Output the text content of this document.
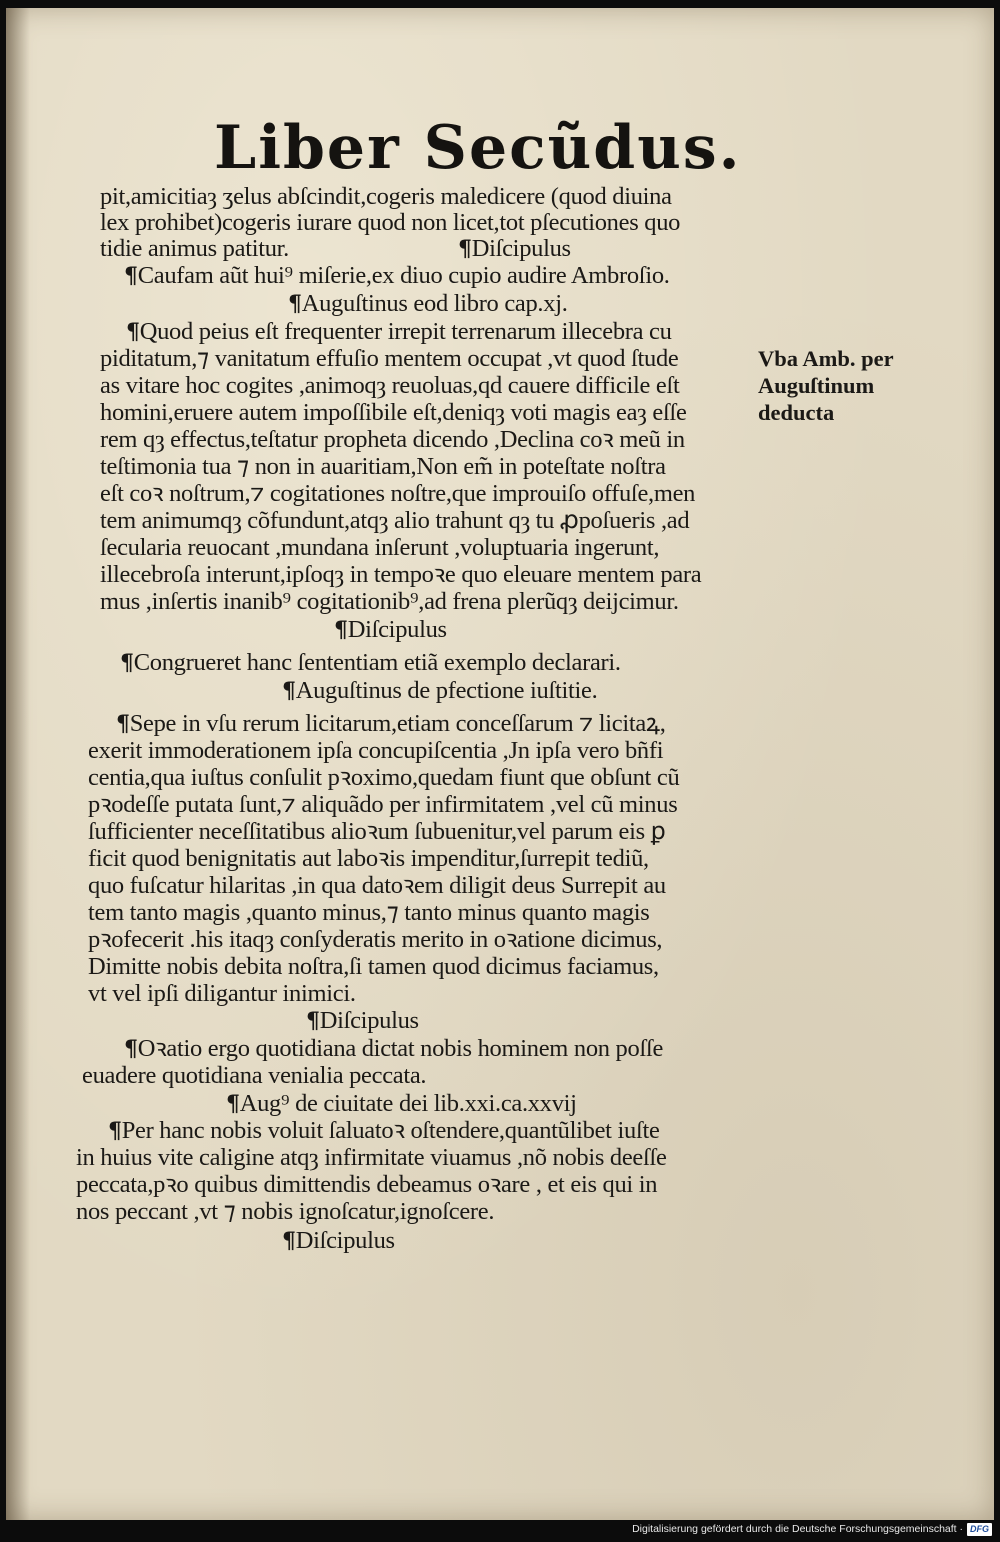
Liber Secũdus.
pit,amicitiaȝ ʒelus abſcindit,cogeris maledicere (quod diuina
lex prohibet)cogeris iurare quod non licet,tot pſecutiones quo
tidie animus patitur.	¶Diſcipulus
¶Caufam aũt hui⁹ miſerie,ex diuo cupio audire Ambroſio.
¶Auguſtinus eod libro cap.xj.
¶Quod peius eſt frequenter irrepit terrenarum illecebra cu
piditatum,⁊ vanitatum effuſio mentem occupat ,vt quod ſtude
as vitare hoc cogites ,animoqȝ reuoluas,qd cauere difficile eſt
homini,eruere autem impoſſibile eſt,deniqȝ voti magis eaȝ eſſe
rem qȝ effectus,teſtatur propheta dicendo ,Declina coꝛ meũ in
teſtimonia tua ⁊ non in auaritiam,Non em̃ in poteſtate noſtra
eſt coꝛ noſtrum,⁊ cogitationes noſtre,que improuiſo offuſe,men
tem animumqȝ cõfundunt,atqȝ alio trahunt qȝ tu ꝓpoſueris ,ad
ſecularia reuocant ,mundana inſerunt ,voluptuaria ingerunt,
illecebroſa interunt,ipſoqȝ in tempoꝛe quo eleuare mentem para
mus ,inſertis inanib⁹ cogitationib⁹,ad frena plerũqȝ deijcimur.
¶Diſcipulus
¶Congrueret hanc ſententiam etiã exemplo declarari.
¶Auguſtinus de pfectione iuſtitie.
¶Sepe in vſu rerum licitarum,etiam conceſſarum ⁊ licitaꝝ,
exerit immoderationem ipſa concupiſcentia ,Jn ipſa vero bñfi
centia,qua iuſtus conſulit pꝛoximo,quedam fiunt que obſunt cũ
pꝛodeſſe putata ſunt,⁊ aliquãdo per infirmitatem ,vel cũ minus
ſufficienter neceſſitatibus alioꝛum ſubuenitur,vel parum eis ꝑ
ficit quod benignitatis aut laboꝛis impenditur,ſurrepit tediũ,
quo fuſcatur hilaritas ,in qua datoꝛem diligit deus Surrepit au
tem tanto magis ,quanto minus,⁊ tanto minus quanto magis
pꝛofecerit .his itaqȝ conſyderatis merito in oꝛatione dicimus,
Dimitte nobis debita noſtra,ſi tamen quod dicimus faciamus,
vt vel ipſi diligantur inimici.
¶Diſcipulus
¶Oꝛatio ergo quotidiana dictat nobis hominem non poſſe
euadere quotidiana venialia peccata.
¶Aug⁹ de ciuitate dei lib.xxi.ca.xxvij
¶Per hanc nobis voluit ſaluatoꝛ oſtendere,quantũlibet iuſte
in huius vite caligine atqȝ infirmitate viuamus ,nõ nobis deeſſe
peccata,pꝛo quibus dimittendis debeamus oꝛare , et eis qui in
nos peccant ,vt ⁊ nobis ignoſcatur,ignoſcere.
¶Diſcipulus
Vba Amb. per
Auguſtinum
deducta
Digitalisierung gefördert durch die Deutsche Forschungsgemeinschaft · DFG
